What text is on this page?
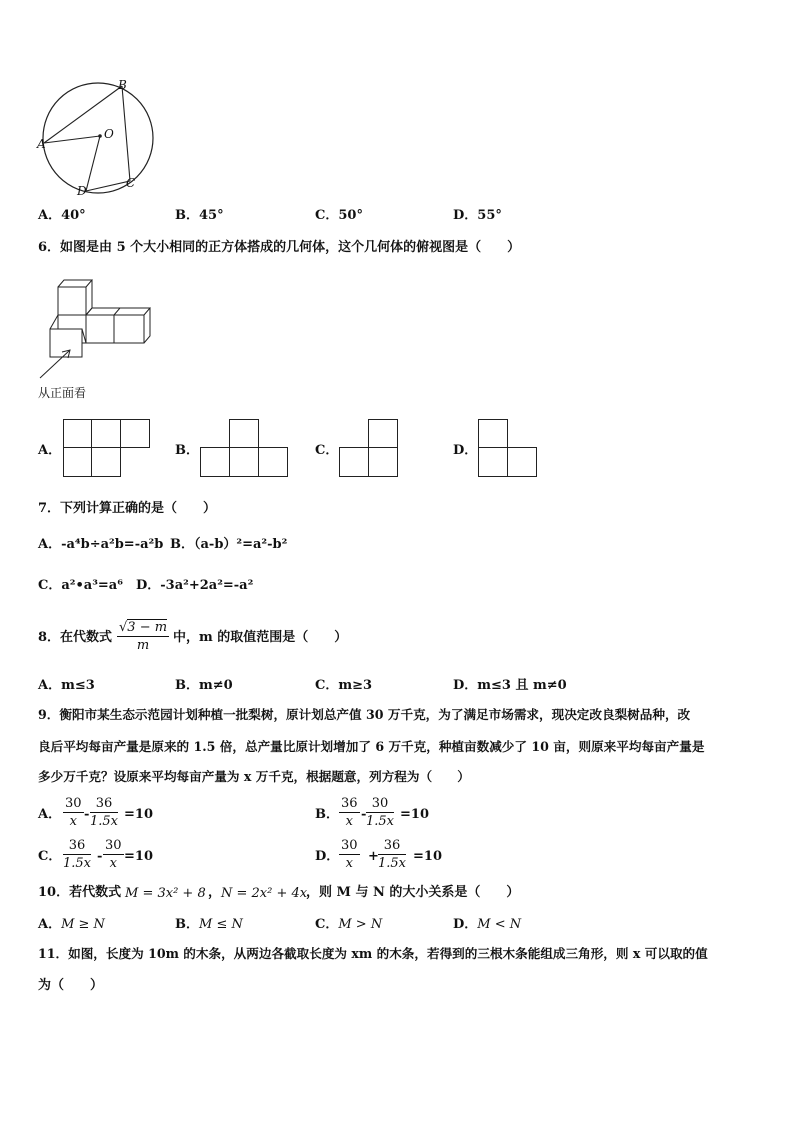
A
B
C
D
O
A．40°	B．45°	C．50°	D．55°
6．如图是由 5 个大小相同的正方体搭成的几何体，这个几何体的俯视图是（　　）
从正面看
A．	B．	C．	D．
7．下列计算正确的是（　　）
A．-a⁴b÷a²b=-a²b B．（a-b）²=a²-b²
C．a²•a³=a⁶ D．-3a²+2a²=-a²
8．在代数式 $\frac{√3 - m}{m}$ 中，m 的取值范围是（　　）
A．m≤3	B．m≠0	C．m≥3	D．m≤3 且 m≠0
9．衡阳市某生态示范园计划种植一批梨树，原计划总产值 30 万千克，为了满足市场需求，现决定改良梨树品种，改
良后平均每亩产量是原来的 1.5 倍，总产量比原计划增加了 6 万千克，种植亩数减少了 10 亩，则原来平均每亩产量是
多少万千克？设原来平均每亩产量为 x 万千克，根据题意，列方程为（　　）
A． $\frac{30}{x} - \frac{36}{1.5x} =10$	B． $\frac{36}{x} - \frac{30}{1.5x} =10$
C． $\frac{36}{1.5x} - \frac{30}{x} =10$	D． $\frac{30}{x} + \frac{36}{1.5x} =10$
10．若代数式 M = 3x² + 8 ， N = 2x² + 4x
，则 M 与 N 的大小关系是（　　）
A．M ≥ N	B．M ≤ N	C．M > N	D．M < N
11．如图，长度为 10m 的木条，从两边各截取长度为 xm 的木条，若得到的三根木条能组成三角形，则 x 可以取的值
为（　　）
